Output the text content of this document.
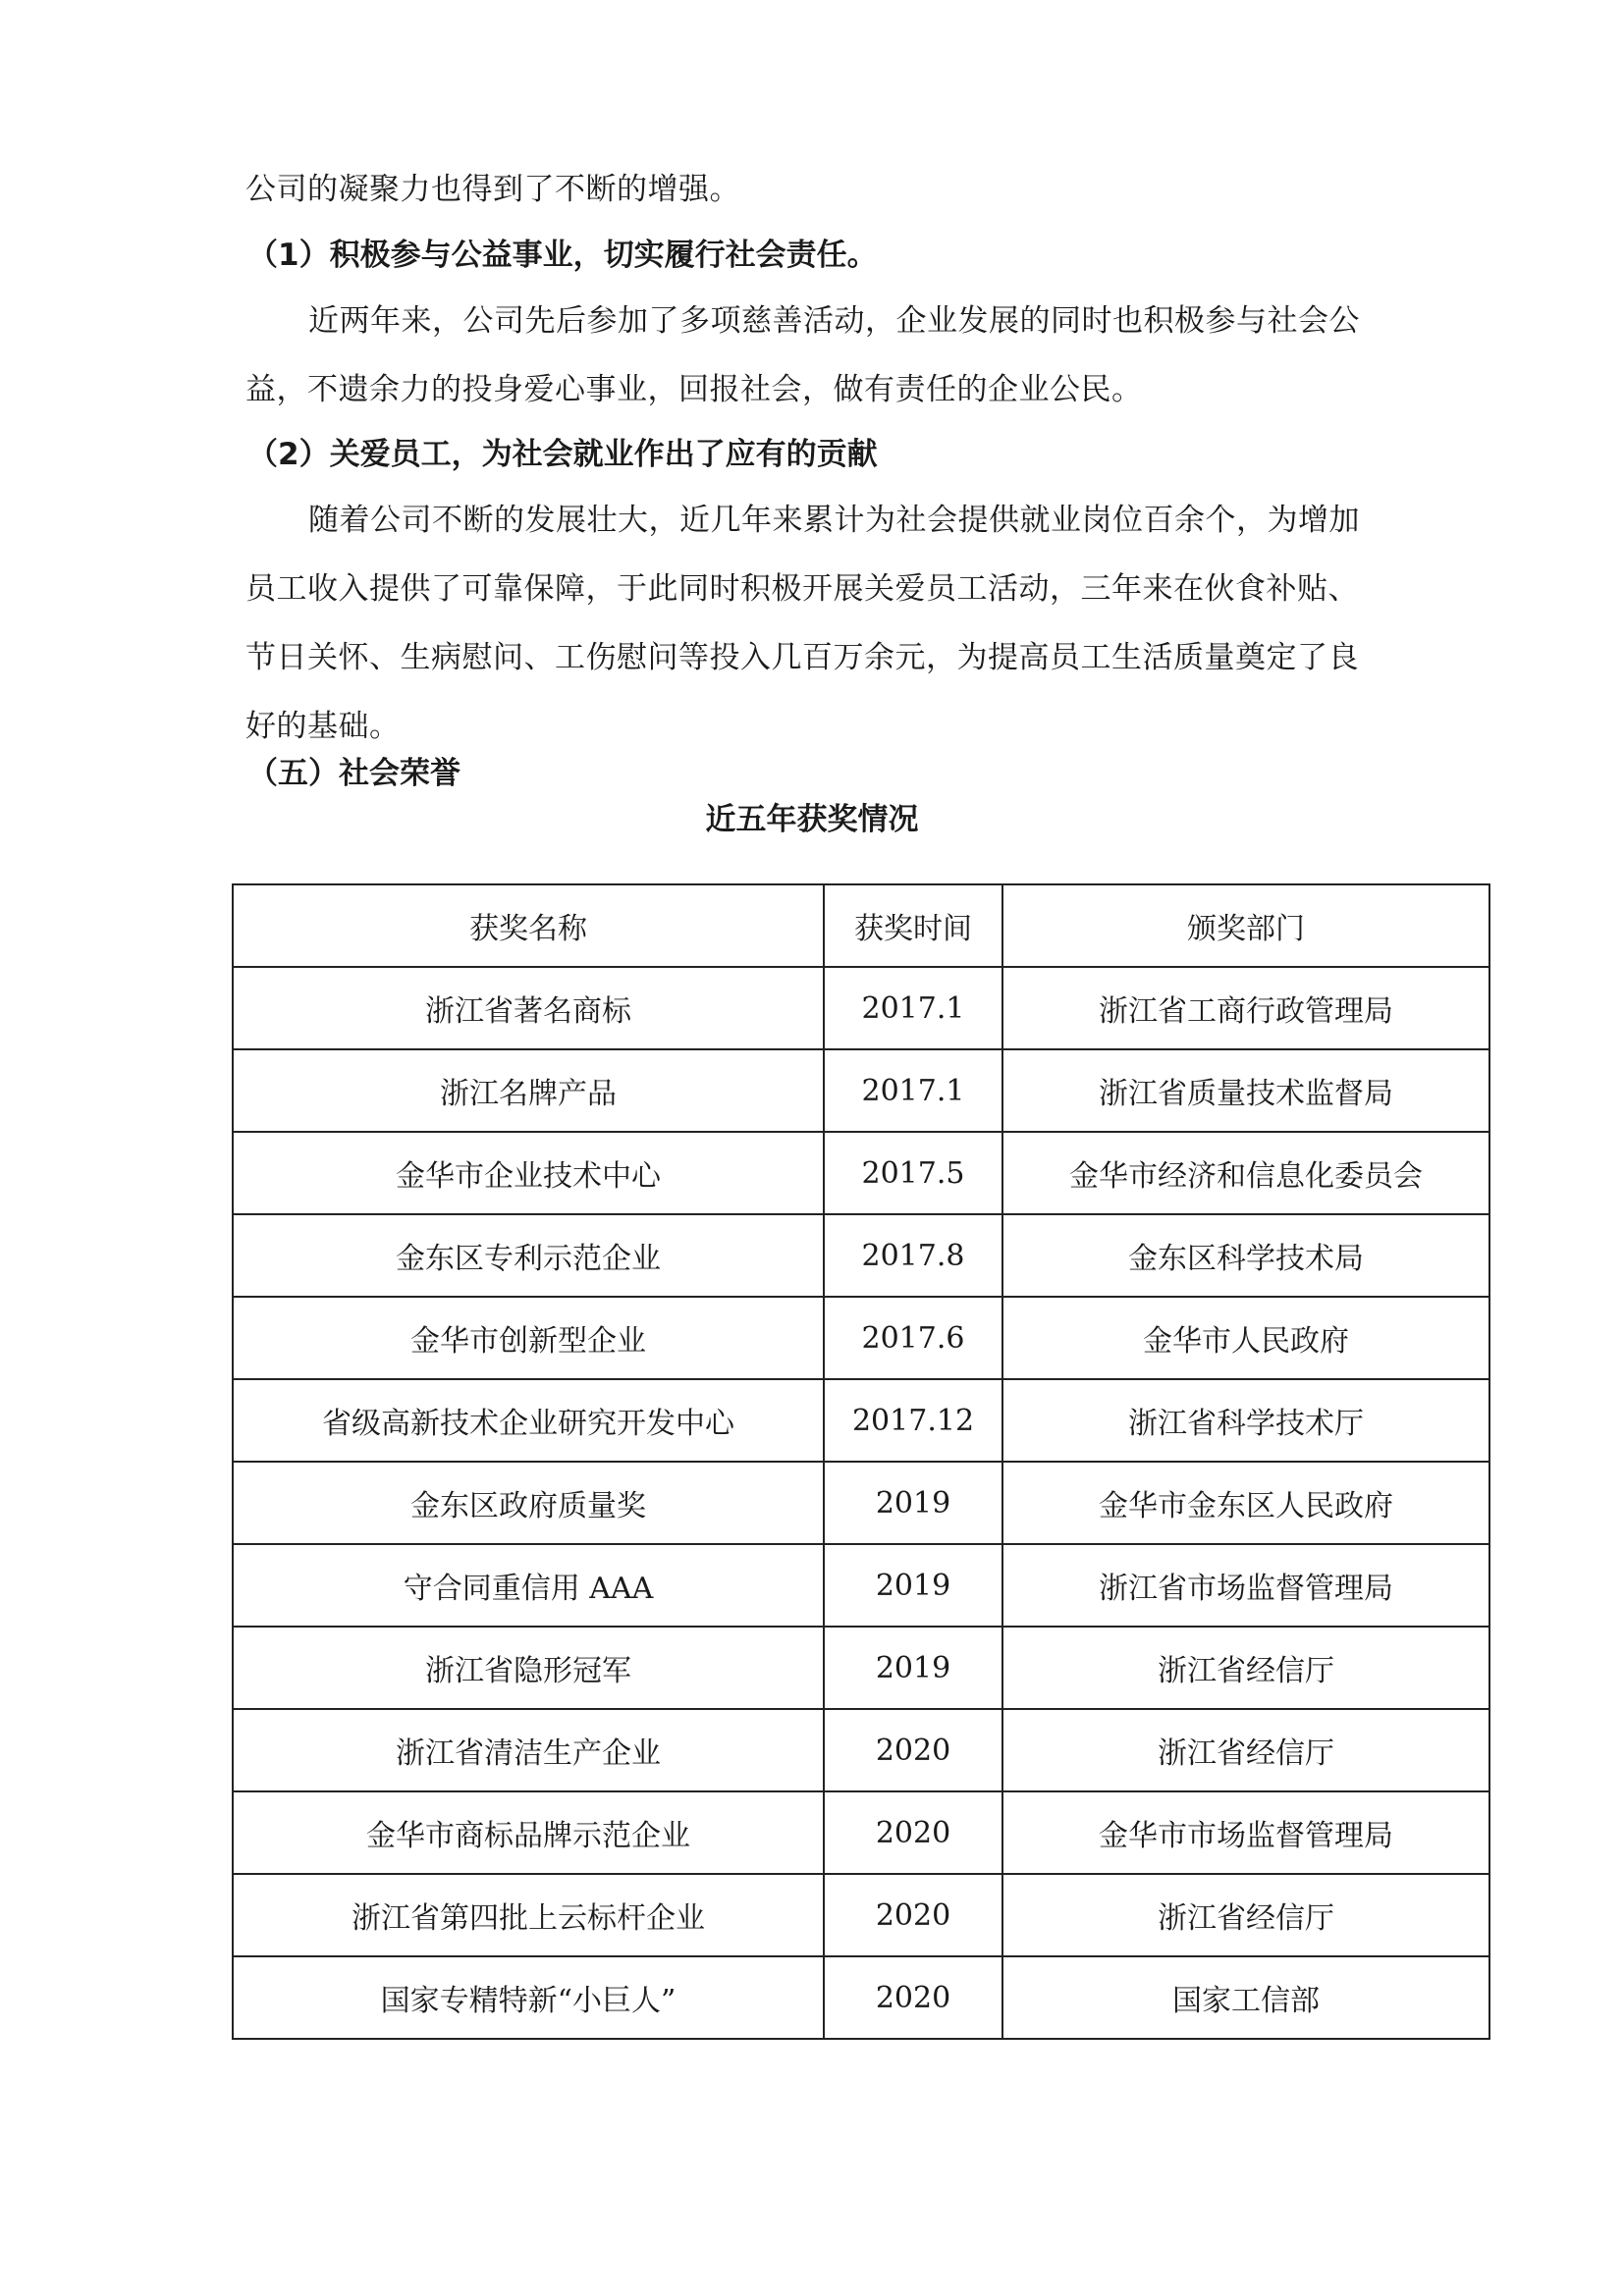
公司的凝聚力也得到了不断的增强。

（1）积极参与公益事业，切实履行社会责任。

近两年来，公司先后参加了多项慈善活动，企业发展的同时也积极参与社会公益，不遗余力的投身爱心事业，回报社会，做有责任的企业公民。

（2）关爱员工，为社会就业作出了应有的贡献

随着公司不断的发展壮大，近几年来累计为社会提供就业岗位百余个，为增加员工收入提供了可靠保障，于此同时积极开展关爱员工活动，三年来在伙食补贴、节日关怀、生病慰问、工伤慰问等投入几百万余元，为提高员工生活质量奠定了良好的基础。

（五）社会荣誉

近五年获奖情况

获奖名称	获奖时间	颁奖部门
浙江省著名商标	2017.1	浙江省工商行政管理局
浙江名牌产品	2017.1	浙江省质量技术监督局
金华市企业技术中心	2017.5	金华市经济和信息化委员会
金东区专利示范企业	2017.8	金东区科学技术局
金华市创新型企业	2017.6	金华市人民政府
省级高新技术企业研究开发中心	2017.12	浙江省科学技术厅
金东区政府质量奖	2019	金华市金东区人民政府
守合同重信用 AAA	2019	浙江省市场监督管理局
浙江省隐形冠军	2019	浙江省经信厅
浙江省清洁生产企业	2020	浙江省经信厅
金华市商标品牌示范企业	2020	金华市市场监督管理局
浙江省第四批上云标杆企业	2020	浙江省经信厅
国家专精特新“小巨人”	2020	国家工信部
